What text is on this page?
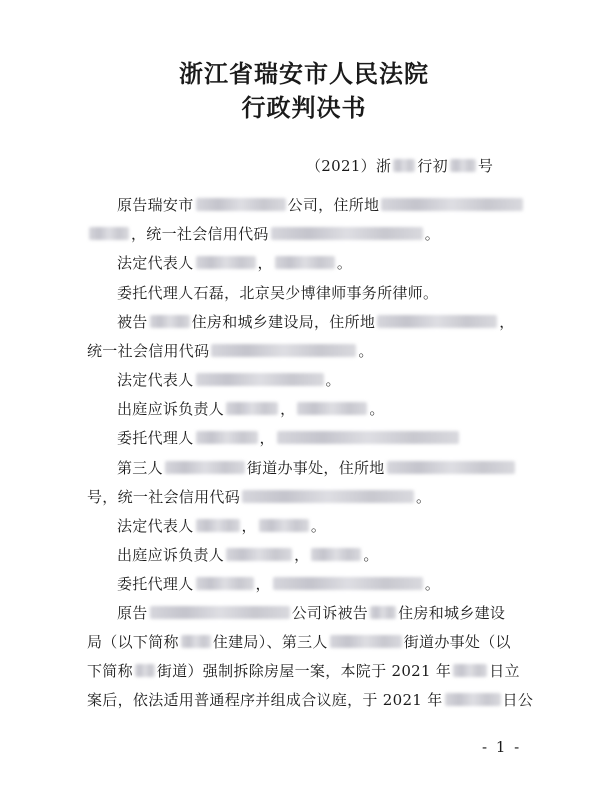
浙江省瑞安市人民法院
行政判决书
（2021）浙 行初 号
原告瑞安市	公司，住所地
，统一社会信用代码	。
法定代表人	，	。
委托代理人石磊，北京吴少博律师事务所律师。
被告	住房和城乡建设局，住所地	，
统一社会信用代码	。
法定代表人	。
出庭应诉负责人	，	。
委托代理人	，
第三人	街道办事处，住所地
号，统一社会信用代码	。
法定代表人	，	。
出庭应诉负责人	，	。
委托代理人	，	。
原告	公司诉被告 住房和城乡建设
局（以下简称 住建局）、第三人	街道办事处（以
下简称 街道）强制拆除房屋一案，本院于 2021 年	日立
案后，依法适用普通程序并组成合议庭，于 2021 年	日公
- 1 -
